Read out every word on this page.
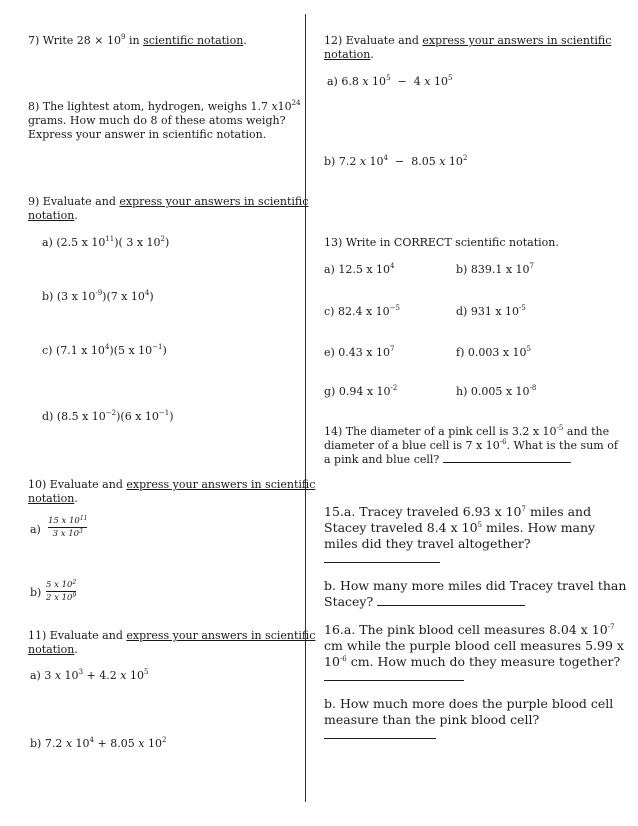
7) Write $28 \times 10^9$ in scientific notation.
8) The lightest atom, hydrogen, weighs 1.7 $x10^{24}$
grams. How much do 8 of these atoms weigh?
Express your answer in scientific notation.
9) Evaluate and express your answers in scientific
notation.
a) (2.5 x $10^{11}$)( 3 x $10^2$)
b) (3 x $10^{-9})(7$ x $10^4$)
c) (7.1 x $10^4)(5$ x $10^{-1}$)
d) (8.5 x $10^{-2})(6$ x $10^{-1}$)
10) Evaluate and express your answers in scientific
notation.
a)
15 x $10^{11}$
3 x $10^3$
b)
5 x $10^2$
2 x $10^9$
11) Evaluate and express your answers in scientific
notation.
a) 3 x $10^3 + 4.2$ x $10^5$
b) 7.2 x $10^4 + 8.05$ x $10^2$
12) Evaluate and express your answers in scientific
notation.
a) 6.8 x $10^5 - 4$ x $10^5$
b) 7.2 x $10^4 - 8.05$ x $10^2$
13) Write in CORRECT scientific notation.
a) 12.5 x $10^4$	b) 839.1 x $10^7$
c) 82.4 x $10^{-5}$	d) 931 x $10^{-5}$
e) 0.43 x $10^7$	f) 0.003 x $10^5$
g) 0.94 x $10^{-2}$	h) 0.005 x $10^{-8}$
14) The diameter of a pink cell is 3.2 x $10^{-5}$ and the
diameter of a blue cell is 7 x $10^{-6}$. What is the sum of
a pink and blue cell?
15.a. Tracey traveled 6.93 x $10^7$ miles and
Stacey traveled 8.4 x $10^5$ miles. How many
miles did they travel altogether?
b. How many more miles did Tracey travel than
Stacey?
16.a. The pink blood cell measures 8.04 x $10^{-7}$
cm while the purple blood cell measures 5.99 x
$10^{-6}$ cm. How much do they measure together?
b. How much more does the purple blood cell
measure than the pink blood cell?
